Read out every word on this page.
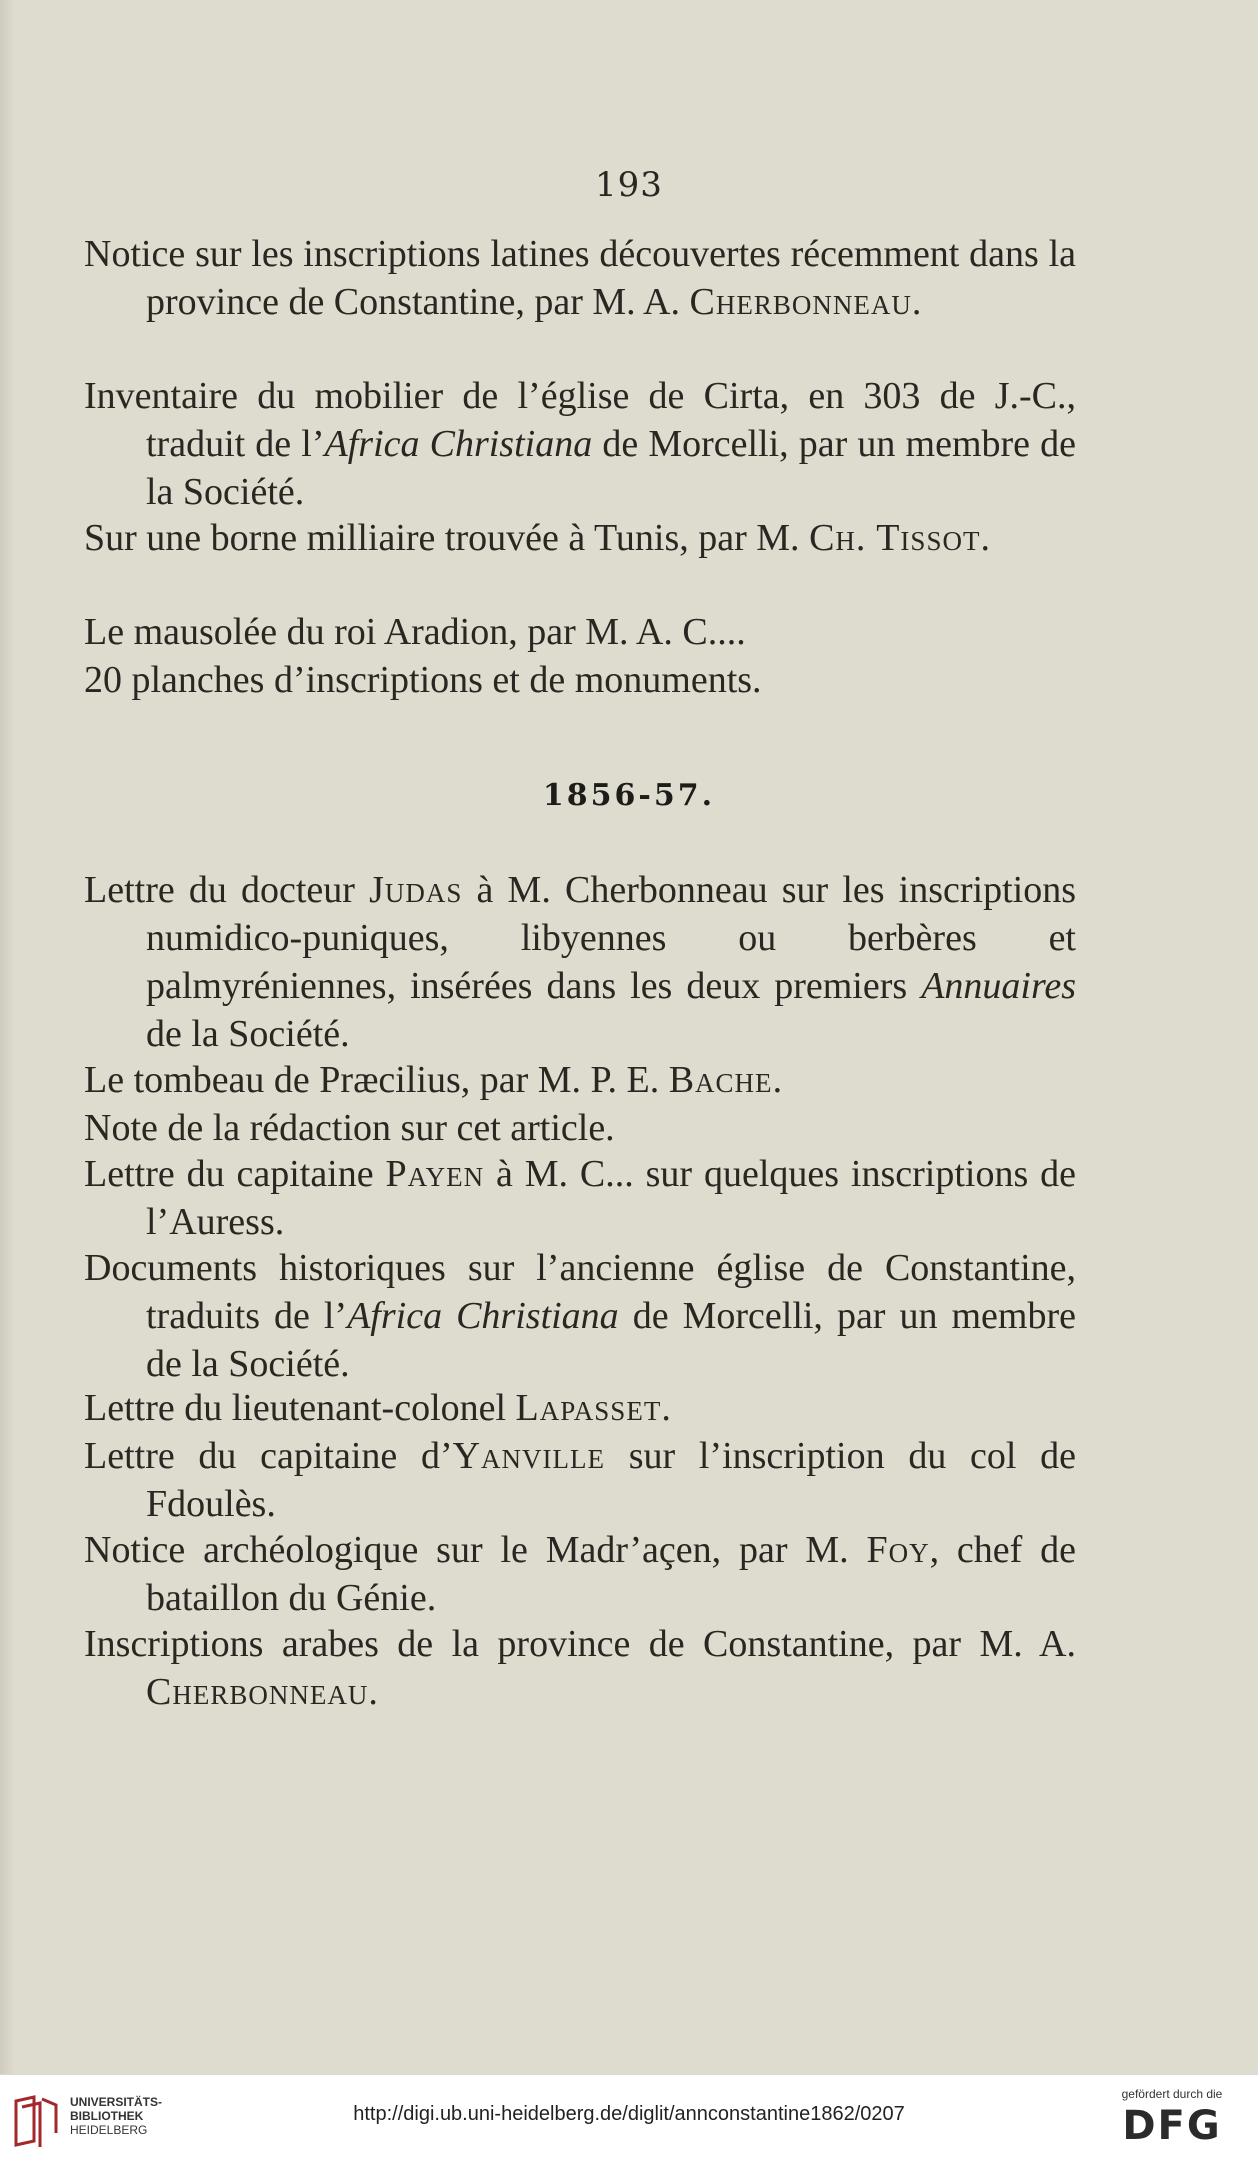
193

Notice sur les inscriptions latines découvertes récemment dans la province de Constantine, par M. A. Cherbonneau.

Inventaire du mobilier de l’église de Cirta, en 303 de J.-C., traduit de l’Africa Christiana de Morcelli, par un membre de la Société.

Sur une borne milliaire trouvée à Tunis, par M. Ch. Tissot.

Le mausolée du roi Aradion, par M. A. C....

20 planches d’inscriptions et de monuments.

1856-57.

Lettre du docteur Judas à M. Cherbonneau sur les inscriptions numidico-puniques, libyennes ou berbères et palmyréniennes, insérées dans les deux premiers Annuaires de la Société.

Le tombeau de Præcilius, par M. P. E. Bache.

Note de la rédaction sur cet article.

Lettre du capitaine Payen à M. C... sur quelques inscriptions de l’Auress.

Documents historiques sur l’ancienne église de Constantine, traduits de l’Africa Christiana de Morcelli, par un membre de la Société.

Lettre du lieutenant-colonel Lapasset.

Lettre du capitaine d’Yanville sur l’inscription du col de Fdoulès.

Notice archéologique sur le Madr’açen, par M. Foy, chef de bataillon du Génie.

Inscriptions arabes de la province de Constantine, par M. A. Cherbonneau.

UNIVERSITÄTS-
BIBLIOTHEK
HEIDELBERG
http://digi.ub.uni-heidelberg.de/diglit/annconstantine1862/0207
gefördert durch die
DFG
